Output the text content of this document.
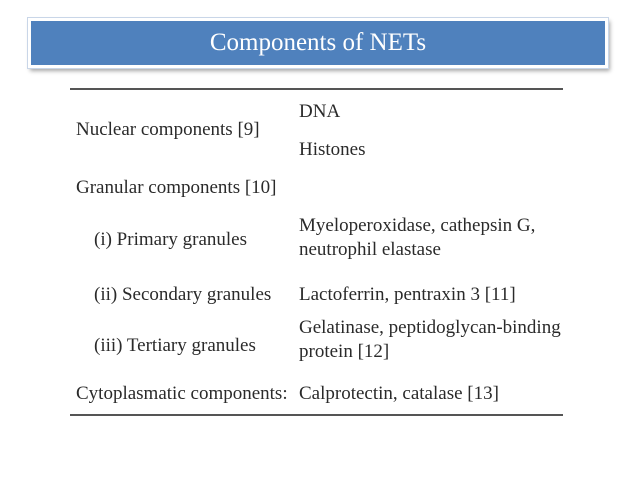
Components of NETs
Nuclear components [9]
DNA
Histones
Granular components [10]
(i) Primary granules
Myeloperoxidase, cathepsin G,
neutrophil elastase
(ii) Secondary granules Lactoferrin, pentraxin 3 [11]
(iii) Tertiary granules
Gelatinase, peptidoglycan-binding
protein [12]
Cytoplasmatic components: Calprotectin, catalase [13]
